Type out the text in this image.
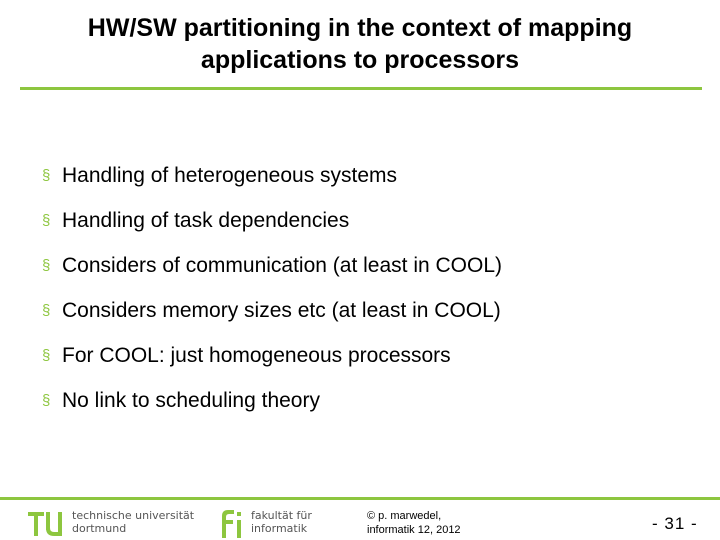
HW/SW partitioning in the context of mapping
applications to processors
§ Handling of heterogeneous systems
§ Handling of task dependencies
§ Considers of communication (at least in COOL)
§ Considers memory sizes etc (at least in COOL)
§ For COOL: just homogeneous processors
§ No link to scheduling theory
technische universität
dortmund
fakultät für
informatik
© p. marwedel,
informatik 12, 2012	- 31 -
